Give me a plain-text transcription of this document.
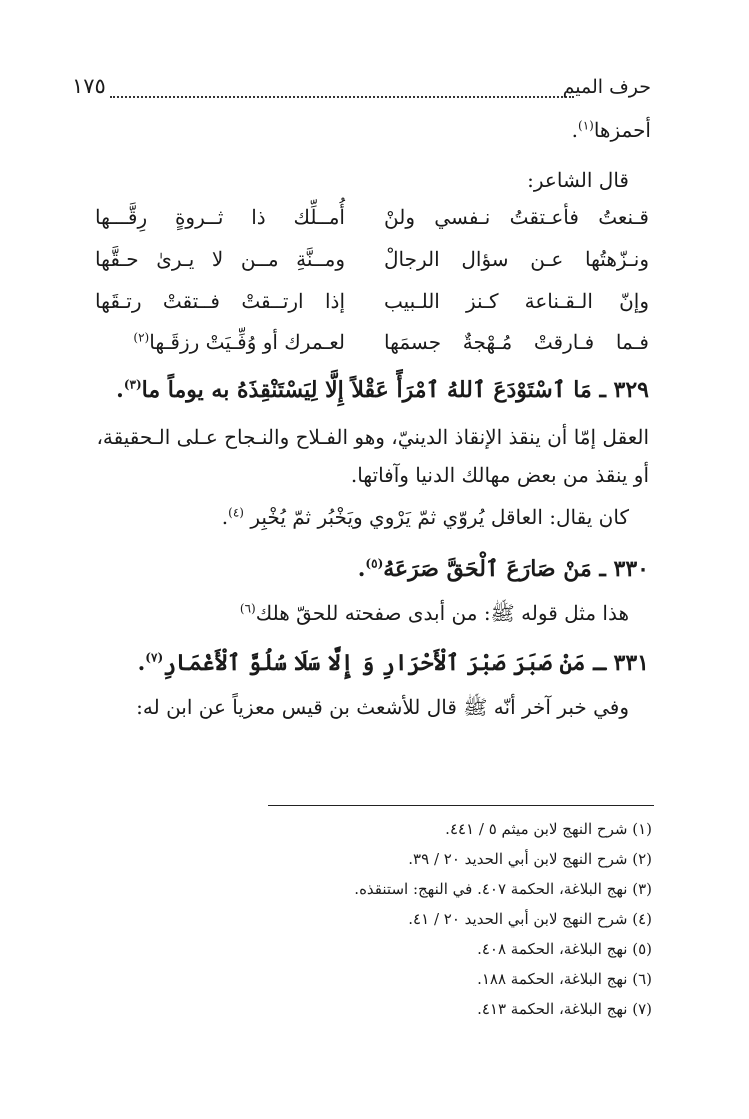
١٧٥	حرف الميم
أحمزها$^{(١)}$.
قال الشاعر:
قـنعتُ فأعـتقتُ نـفسي ولنْ
أُمــلِّك ذا ثــروةٍ رِقَّـــها
ونـزّهتُها عـن سؤال الرجالْ
ومــنَّةِ مــن لا يـرىٰ حـقَّها
وإنّ الـقـناعة كـنز اللـبيب
إذا ارتــقتْ فــتقتْ رتـقَها
فـما فـارقتْ مُـهْجةٌ جسمَها
لعـمرك أو وُفِّـيَتْ رزقَـها$^{(٢)}$
٣٢٩ ـ مَا ٱسْتَوْدَعَ ٱللهُ ٱمْرَأً عَقْلاً إِلَّا لِيَسْتَنْقِذَهُ به يوماً ما$^{(٣)}$.
العقل إمّا أن ينقذ الإنقاذ الدينيّ، وهو الفـلاح والنـجاح عـلى الـحقيقة،
أو ينقذ من بعض مهالك الدنيا وآفاتها.
كان يقال: العاقل يُروّي ثمّ يَرْوي ويَخْبُر ثمّ يُخْبِر $^{(٤)}$.
٣٣٠ ـ مَنْ صَارَعَ ٱلْحَقَّ صَرَعَهُ$^{(٥)}$.
هذا مثل قوله ﷺ: من أبدى صفحته للحقّ هلك$^{(٦)}$
٣٣١ ـ مَنْ صَبَرَ صَبْرَ ٱلْأَحْرَارِ وَ إِلَّا سَلَا سُلُوَّ ٱلْأَغْمَارِ$^{(٧)}$.
وفي خبر آخر أنّه ﷺ قال للأشعث بن قيس معزياً عن ابن له:
(١) شرح النهج لابن ميثم ٥ / ٤٤١.
(٢) شرح النهج لابن أبي الحديد ٢٠ / ٣٩.
(٣) نهج البلاغة، الحكمة ٤٠٧. في النهج: استنقذه.
(٤) شرح النهج لابن أبي الحديد ٢٠ / ٤١.
(٥) نهج البلاغة، الحكمة ٤٠٨.
(٦) نهج البلاغة، الحكمة ١٨٨.
(٧) نهج البلاغة، الحكمة ٤١٣.
